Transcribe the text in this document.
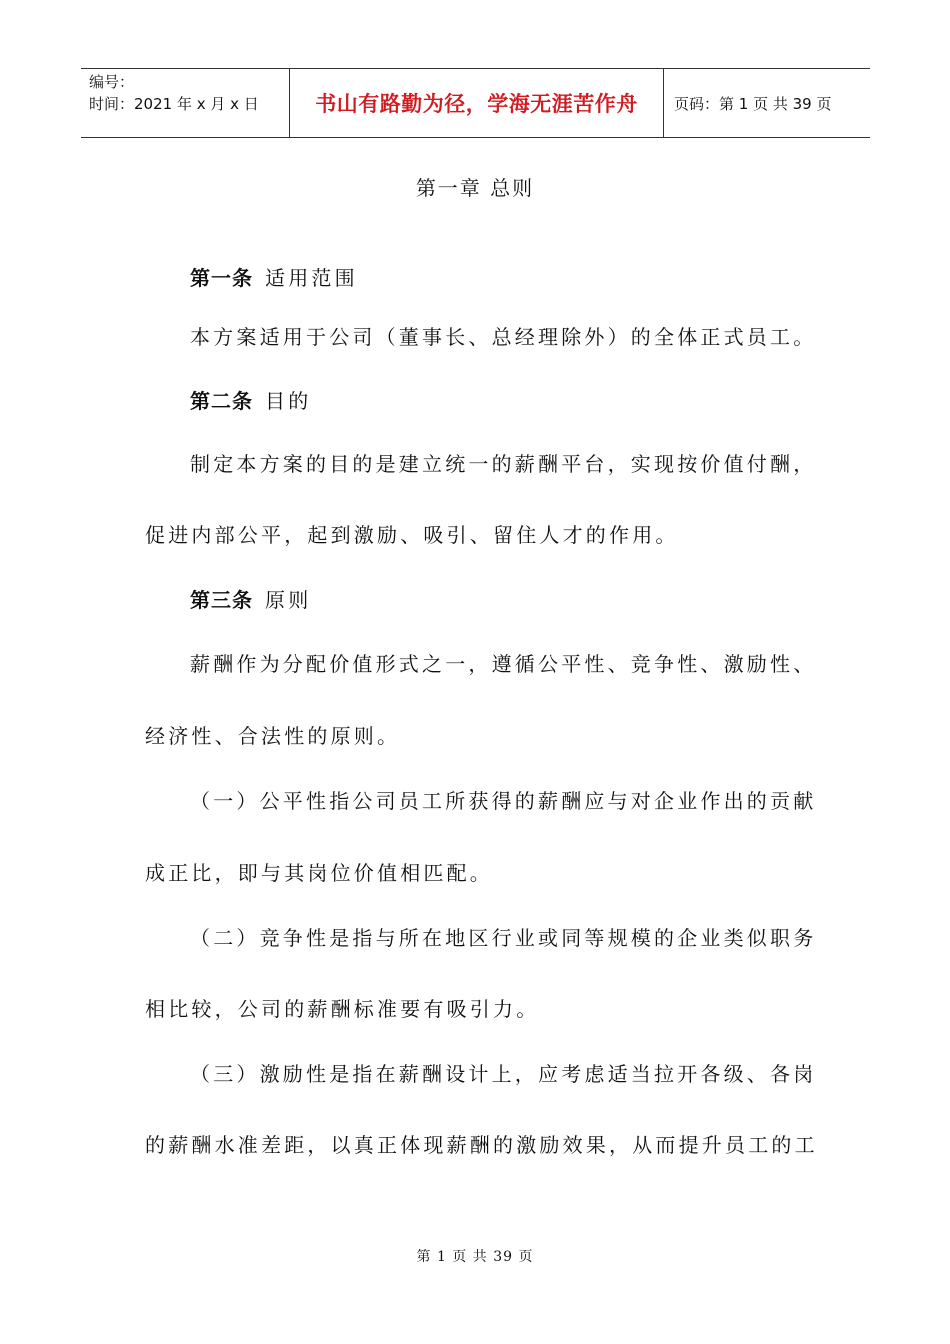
编号：
时间：2021 年 x 月 x 日	书山有路勤为径，学海无涯苦作舟 页码：第 1 页 共 39 页
第一章 总则
第一条 适用范围
本方案适用于公司（董事长、总经理除外）的全体正式员工。
第二条 目的
制定本方案的目的是建立统一的薪酬平台，实现按价值付酬，
促进内部公平，起到激励、吸引、留住人才的作用。
第三条 原则
薪酬作为分配价值形式之一，遵循公平性、竞争性、激励性、
经济性、合法性的原则。
（一）公平性指公司员工所获得的薪酬应与对企业作出的贡献
成正比，即与其岗位价值相匹配。
（二）竞争性是指与所在地区行业或同等规模的企业类似职务
相比较，公司的薪酬标准要有吸引力。
（三）激励性是指在薪酬设计上，应考虑适当拉开各级、各岗
的薪酬水准差距，以真正体现薪酬的激励效果，从而提升员工的工
第 1 页 共 39 页
